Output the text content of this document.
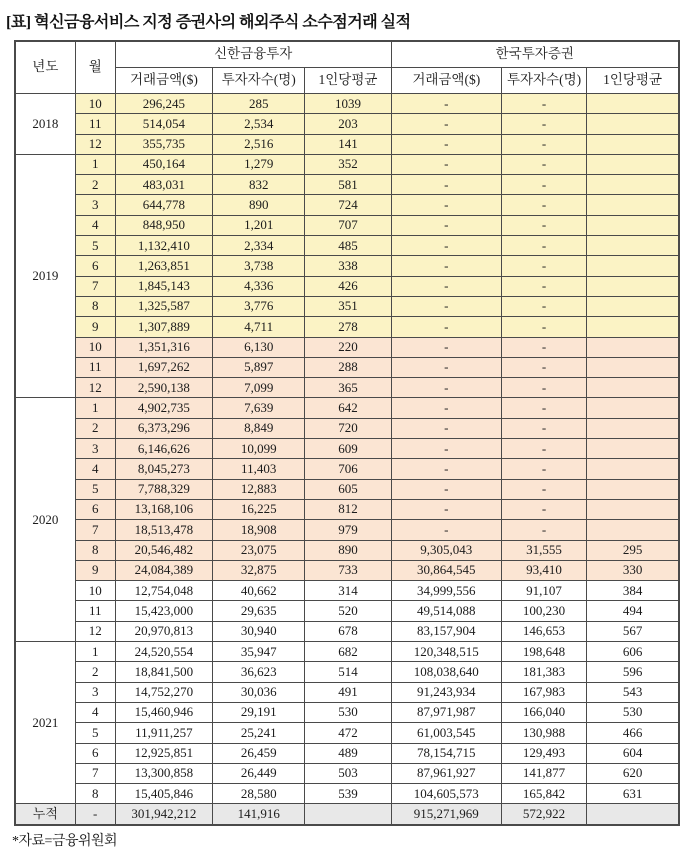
[표] 혁신금융서비스 지정 증권사의 해외주식 소수점거래 실적
년도	월	신한금융투자			한국투자증권		
		거래금액($)	투자자수(명)	1인당평균	거래금액($)	투자자수(명)	1인당평균
2018	10	296,245	285	1039	-	-	
	11	514,054	2,534	203	-	-	
	12	355,735	2,516	141	-	-	
2019	1	450,164	1,279	352	-	-	
	2	483,031	832	581	-	-	
	3	644,778	890	724	-	-	
	4	848,950	1,201	707	-	-	
	5	1,132,410	2,334	485	-	-	
	6	1,263,851	3,738	338	-	-	
	7	1,845,143	4,336	426	-	-	
	8	1,325,587	3,776	351	-	-	
	9	1,307,889	4,711	278	-	-	
	10	1,351,316	6,130	220	-	-	
	11	1,697,262	5,897	288	-	-	
	12	2,590,138	7,099	365	-	-	
2020	1	4,902,735	7,639	642	-	-	
	2	6,373,296	8,849	720	-	-	
	3	6,146,626	10,099	609	-	-	
	4	8,045,273	11,403	706	-	-	
	5	7,788,329	12,883	605	-	-	
	6	13,168,106	16,225	812	-	-	
	7	18,513,478	18,908	979	-	-	
	8	20,546,482	23,075	890	9,305,043	31,555	295
	9	24,084,389	32,875	733	30,864,545	93,410	330
	10	12,754,048	40,662	314	34,999,556	91,107	384
	11	15,423,000	29,635	520	49,514,088	100,230	494
	12	20,970,813	30,940	678	83,157,904	146,653	567
2021	1	24,520,554	35,947	682	120,348,515	198,648	606
	2	18,841,500	36,623	514	108,038,640	181,383	596
	3	14,752,270	30,036	491	91,243,934	167,983	543
	4	15,460,946	29,191	530	87,971,987	166,040	530
	5	11,911,257	25,241	472	61,003,545	130,988	466
	6	12,925,851	26,459	489	78,154,715	129,493	604
	7	13,300,858	26,449	503	87,961,927	141,877	620
	8	15,405,846	28,580	539	104,605,573	165,842	631
누적	-	301,942,212	141,916		915,271,969	572,922	
*자료=금융위원회
